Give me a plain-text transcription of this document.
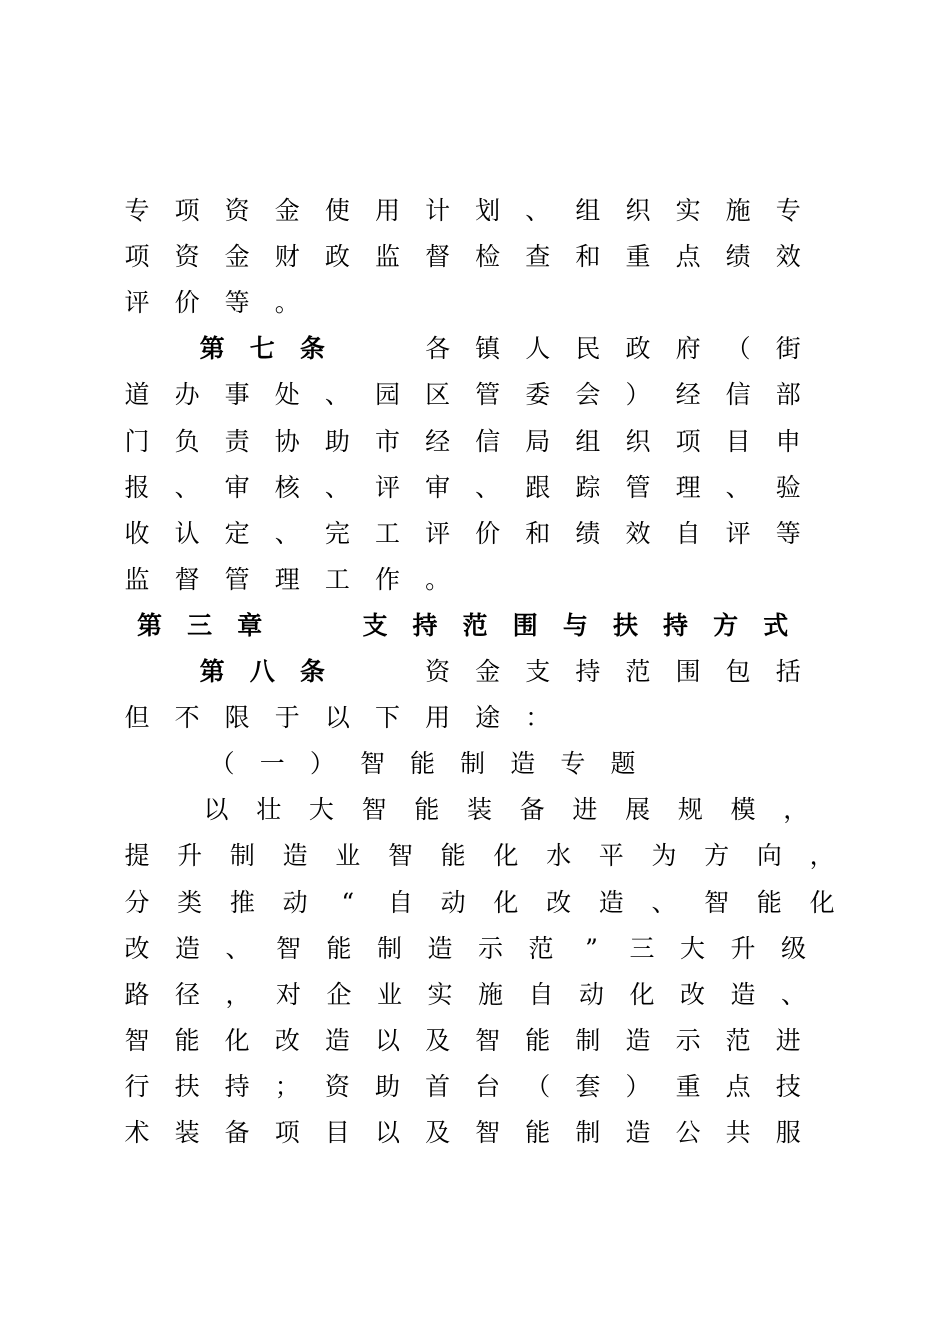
专 项 资 金 使 用 计 划 、 组 织 实 施 专
项 资 金 财 政 监 督 检 查 和 重 点 绩 效
评 价 等 。
第 七 条	各 镇 人 民 政 府 （ 街
道 办 事 处 、 园 区 管 委 会 ） 经 信 部
门 负 责 协 助 市 经 信 局 组 织 项 目 申
报 、 审 核 、 评 审 、 跟 踪 管 理 、 验
收 认 定 、 完 工 评 价 和 绩 效 自 评 等
监 督 管 理 工 作 。
第 三 章	支 持 范 围 与 扶 持 方 式
第 八 条	资 金 支 持 范 围 包 括
但 不 限 于 以 下 用 途 ：
（ 一 ） 智 能 制 造 专 题
以 壮 大 智 能 装 备 进 展 规 模 ，
提 升 制 造 业 智 能 化 水 平 为 方 向 ，
分 类 推 动	“	自 动 化 改 造 、 智 能 化
改 造 、 智 能 制 造 示 范	”	三 大 升 级
路 径 ， 对 企 业 实 施 自 动 化 改 造 、
智 能 化 改 造 以 及 智 能 制 造 示 范 进
行 扶 持 ； 资 助 首 台 （ 套 ） 重 点 技
术 装 备 项 目 以 及 智 能 制 造 公 共 服
